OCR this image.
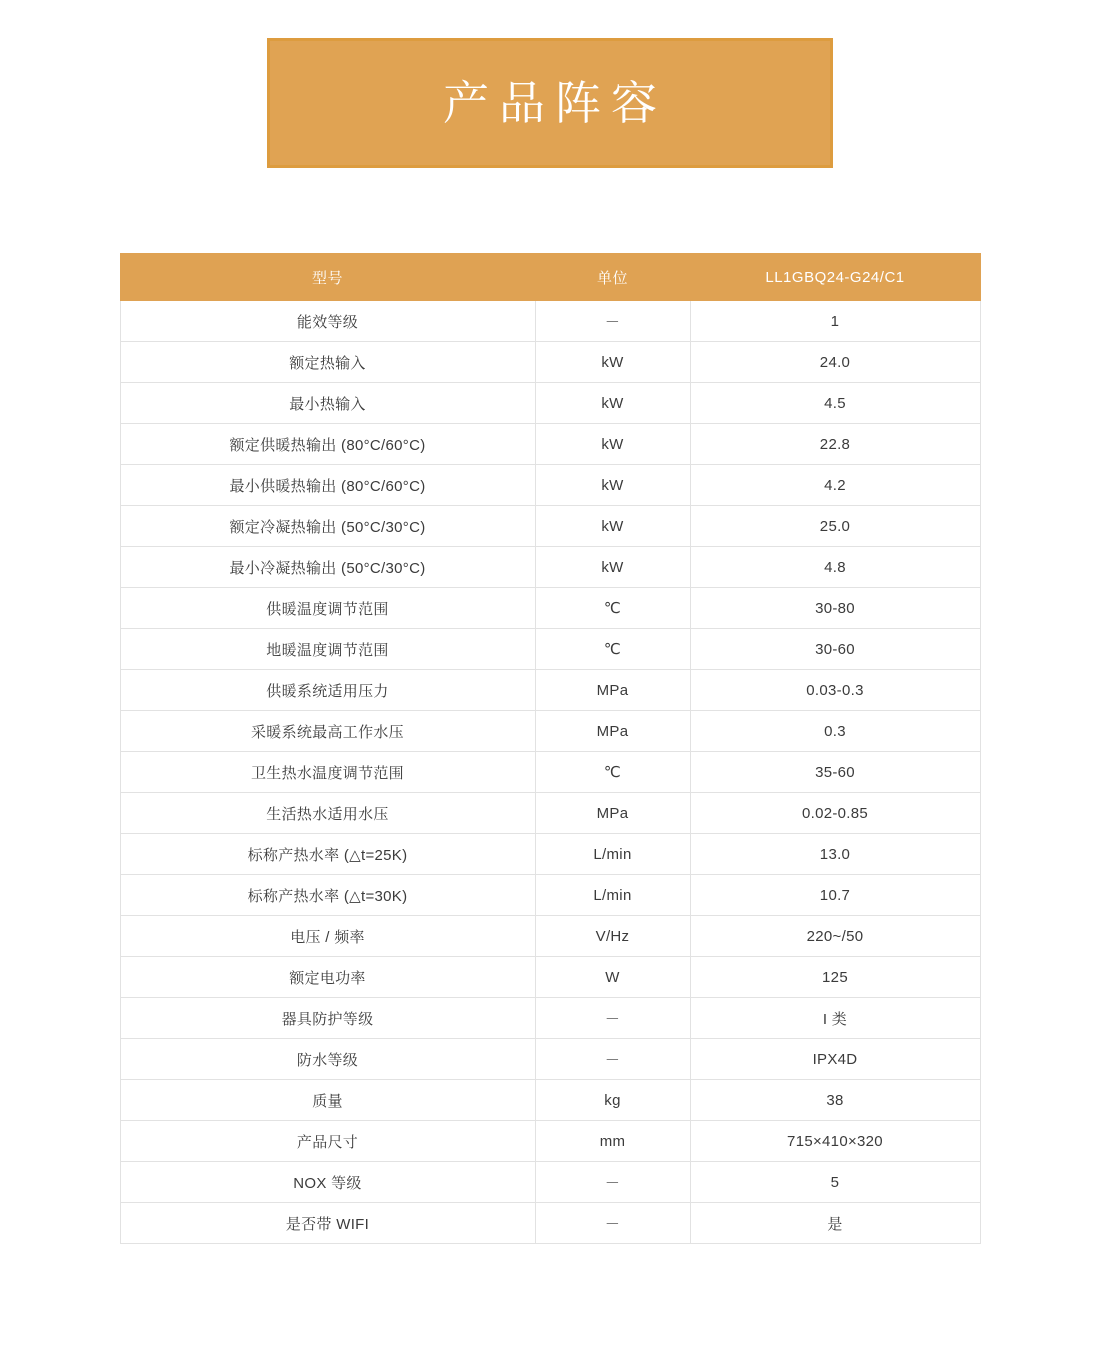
产品阵容
型号	单位	LL1GBQ24-G24/C1
能效等级	－	1
额定热输入	kW	24.0
最小热输入	kW	4.5
额定供暖热输出 (80°C/60°C)	kW	22.8
最小供暖热输出 (80°C/60°C)	kW	4.2
额定冷凝热输出 (50°C/30°C)	kW	25.0
最小冷凝热输出 (50°C/30°C)	kW	4.8
供暖温度调节范围	℃	30-80
地暖温度调节范围	℃	30-60
供暖系统适用压力	MPa	0.03-0.3
采暖系统最高工作水压	MPa	0.3
卫生热水温度调节范围	℃	35-60
生活热水适用水压	MPa	0.02-0.85
标称产热水率 (△t=25K)	L/min	13.0
标称产热水率 (△t=30K)	L/min	10.7
电压 / 频率	V/Hz	220~/50
额定电功率	W	125
器具防护等级	－	I 类
防水等级	－	IPX4D
质量	kg	38
产品尺寸	mm	715×410×320
NOX 等级	－	5
是否带 WIFI	－	是
